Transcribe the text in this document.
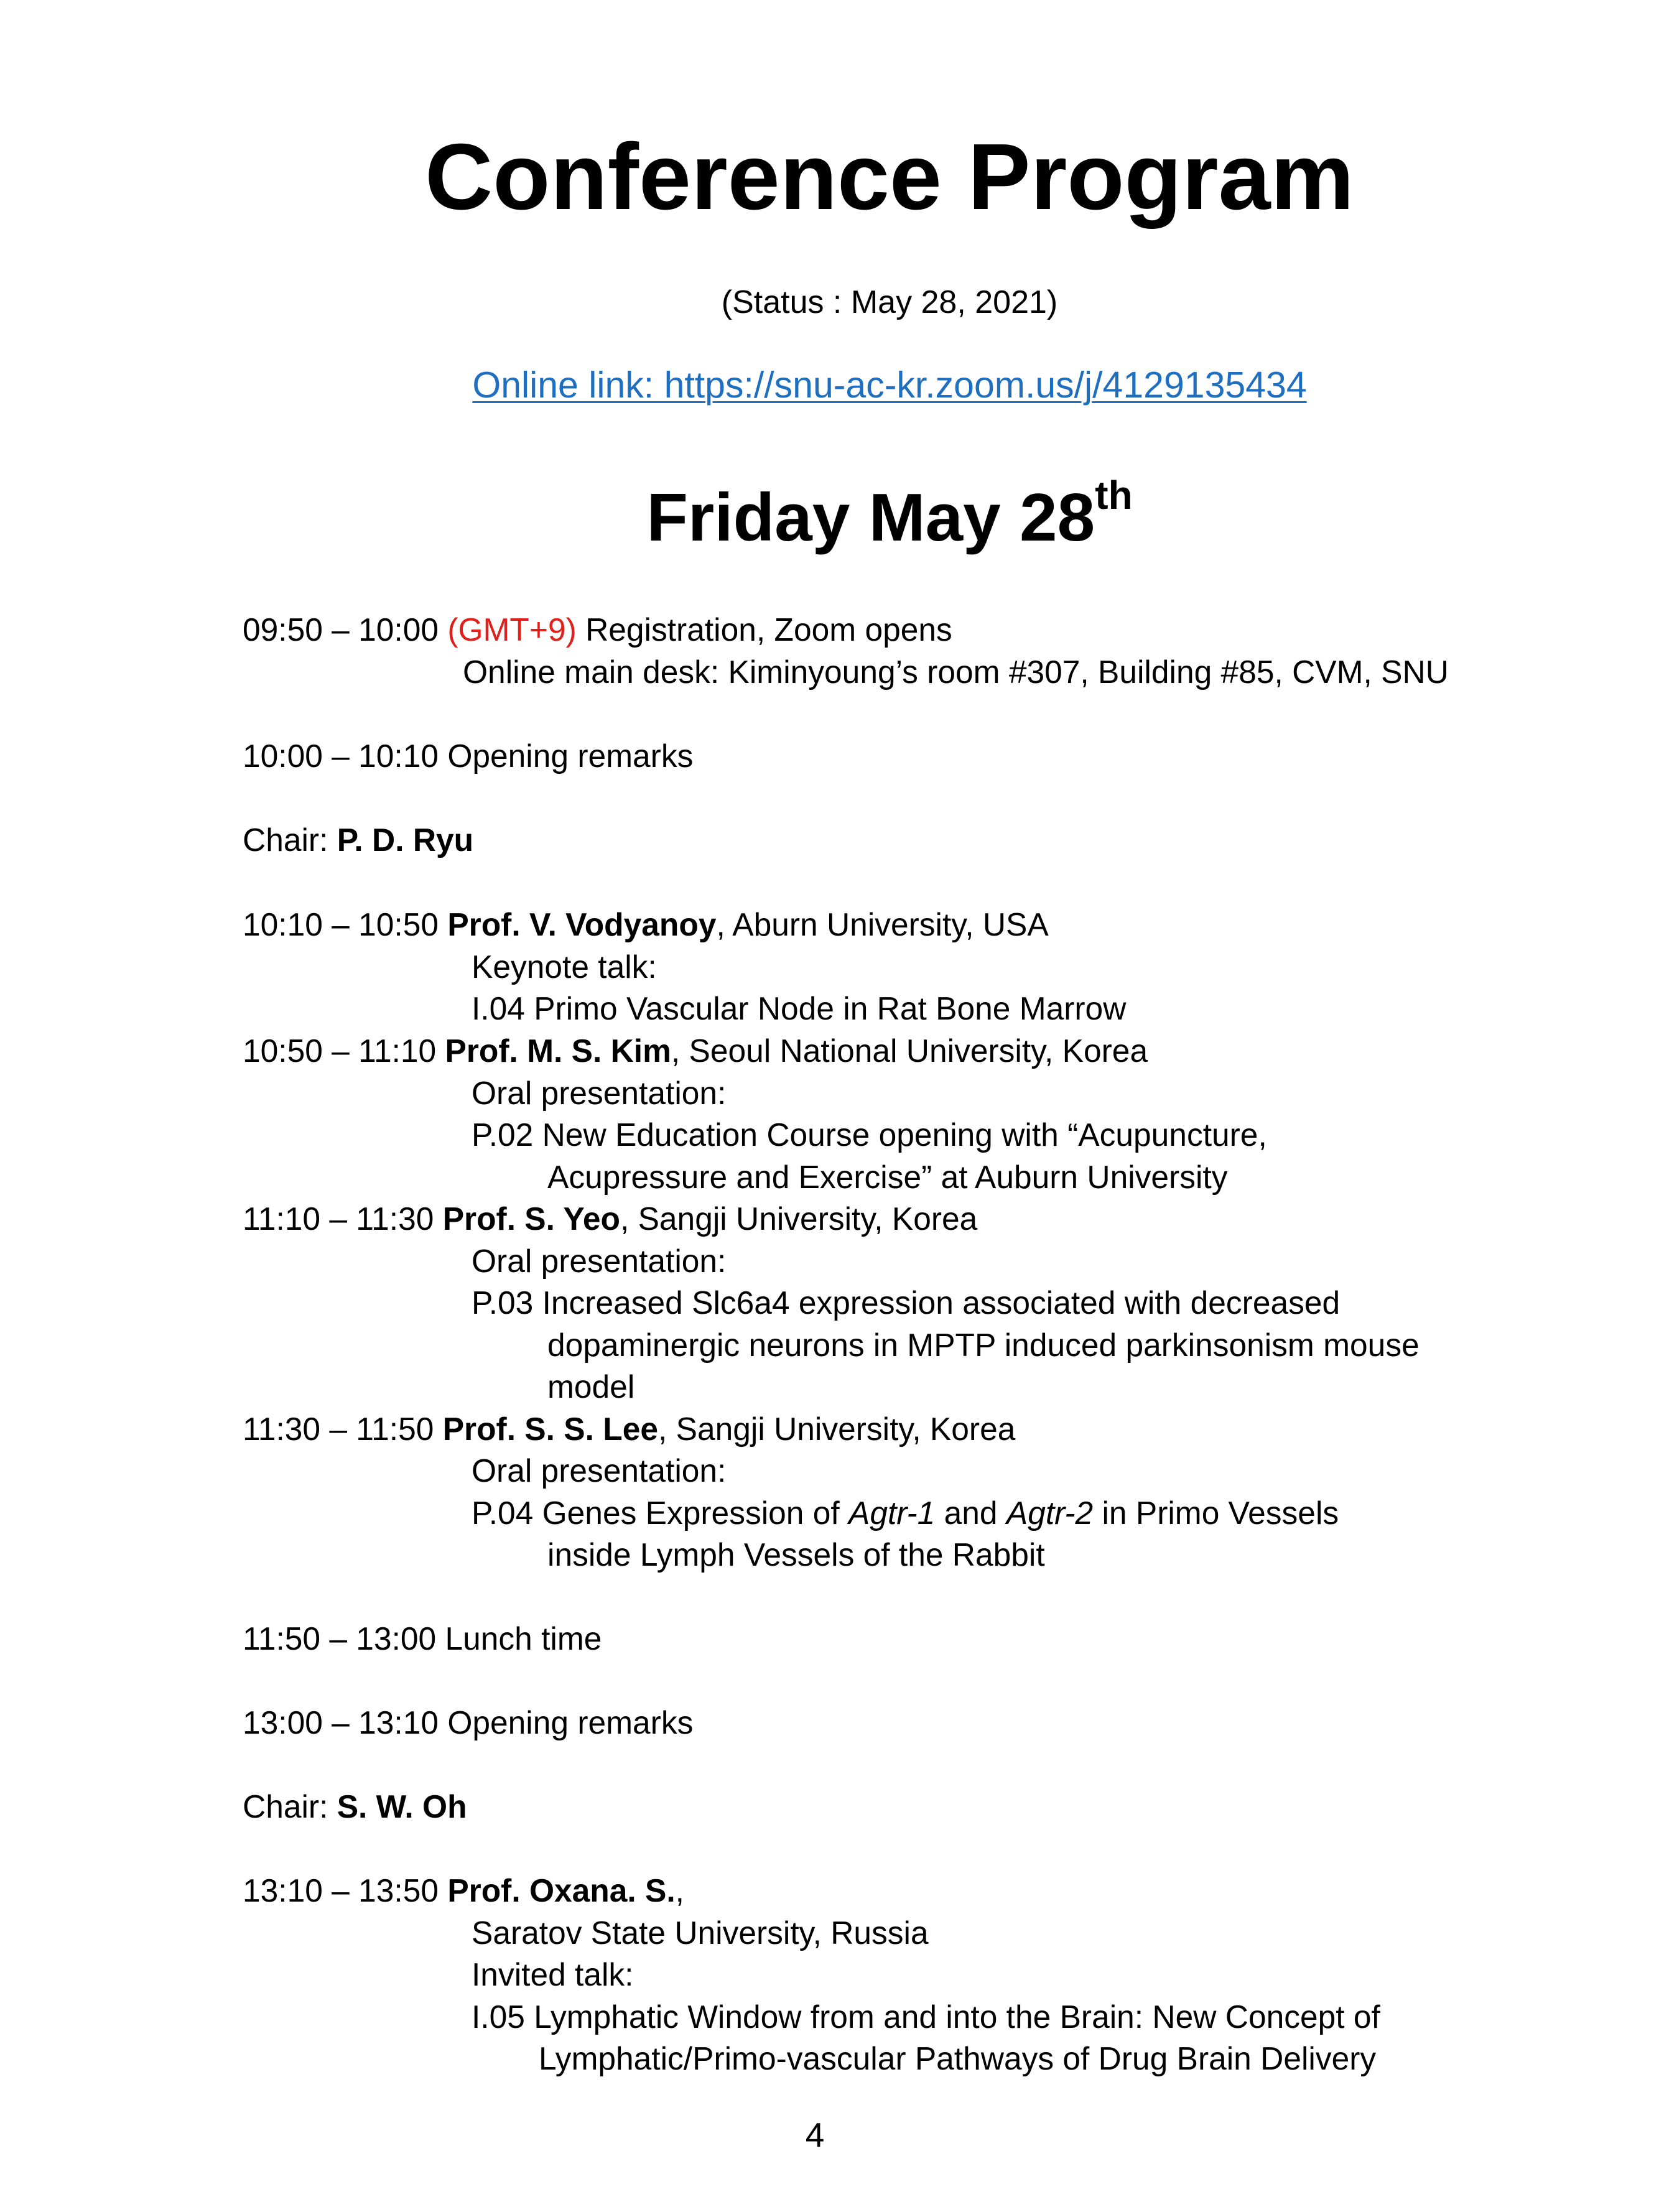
Conference Program
(Status : May 28, 2021)
Online link: https://snu-ac-kr.zoom.us/j/4129135434
Friday May 28th
09:50 – 10:00 (GMT+9) Registration, Zoom opens
Online main desk: Kiminyoung’s room #307, Building #85, CVM, SNU
10:00 – 10:10 Opening remarks
Chair: P. D. Ryu
10:10 – 10:50 Prof. V. Vodyanoy, Aburn University, USA
Keynote talk:
I.04 Primo Vascular Node in Rat Bone Marrow
10:50 – 11:10 Prof. M. S. Kim, Seoul National University, Korea
Oral presentation:
P.02 New Education Course opening with “Acupuncture,
Acupressure and Exercise” at Auburn University
11:10 – 11:30 Prof. S. Yeo, Sangji University, Korea
Oral presentation:
P.03 Increased Slc6a4 expression associated with decreased
dopaminergic neurons in MPTP induced parkinsonism mouse
model
11:30 – 11:50 Prof. S. S. Lee, Sangji University, Korea
Oral presentation:
P.04 Genes Expression of Agtr-1 and Agtr-2 in Primo Vessels
inside Lymph Vessels of the Rabbit
11:50 – 13:00 Lunch time
13:00 – 13:10 Opening remarks
Chair: S. W. Oh
13:10 – 13:50 Prof. Oxana. S.,
Saratov State University, Russia
Invited talk:
I.05 Lymphatic Window from and into the Brain: New Concept of
Lymphatic/Primo-vascular Pathways of Drug Brain Delivery
4
